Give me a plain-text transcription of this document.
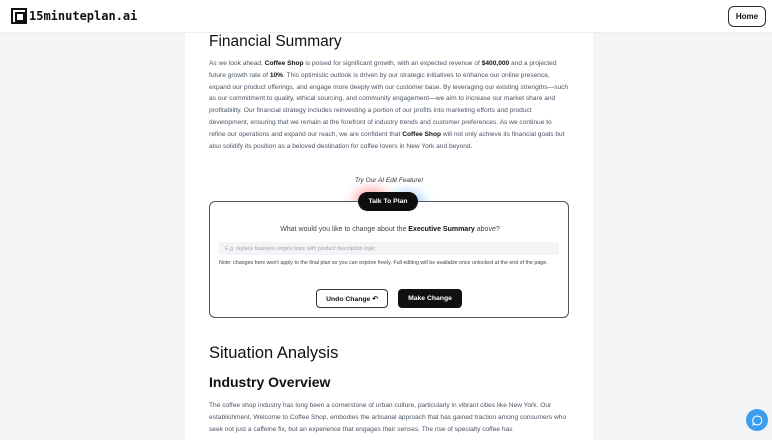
15minuteplan.ai	Home
Financial Summary

As we look ahead, Coffee Shop is poised for significant growth, with an expected revenue of $400,000 and a projected future growth rate of 10%. This optimistic outlook is driven by our strategic initiatives to enhance our online presence, expand our product offerings, and engage more deeply with our customer base. By leveraging our existing strengths—such as our commitment to quality, ethical sourcing, and community engagement—we aim to increase our market share and profitability. Our financial strategy includes reinvesting a portion of our profits into marketing efforts and product development, ensuring that we remain at the forefront of industry trends and customer preferences. As we continue to refine our operations and expand our reach, we are confident that Coffee Shop will not only achieve its financial goals but also solidify its position as a beloved destination for coffee lovers in New York and beyond.

Try Our AI Edit Feature!
What would you like to change about the Executive Summary above?
E.g. replace business origins topic with product description topic
Note: changes here won't apply to the final plan so you can explore freely. Full editing will be available once unlocked at the end of the page.
Undo Change ↶	Make Change
Talk To Plan
Situation Analysis
Industry Overview

The coffee shop industry has long been a cornerstone of urban culture, particularly in vibrant cities like New York. Our establishment, Welcome to Coffee Shop, embodies the artisanal approach that has gained traction among consumers who seek not just a caffeine fix, but an experience that engages their senses. The rise of specialty coffee has
